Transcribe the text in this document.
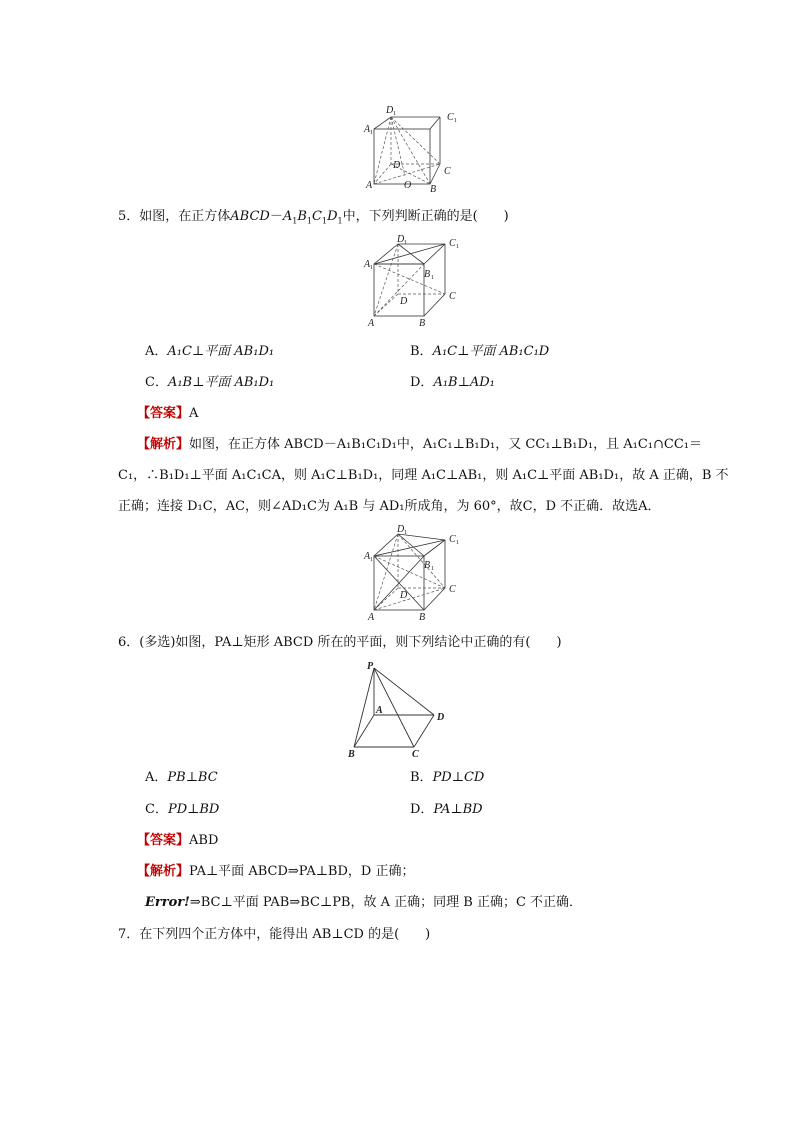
D 1
A 1
C 1
D
C
A	O B
5．如图，在正方体$ABCD-A_1B_1C_1D_1$中，下列判断正确的是(　　)
D 1	C 1
A 1
B 1
D	C
A	B
A．A₁C⊥平面 AB₁D₁	B．A₁C⊥平面 AB₁C₁D
C．A₁B⊥平面 AB₁D₁	D．A₁B⊥AD₁
【答案】A
【解析】如图，在正方体 ABCD－A₁B₁C₁D₁中，A₁C₁⊥B₁D₁，又 CC₁⊥B₁D₁，且 A₁C₁∩CC₁＝
C₁，∴B₁D₁⊥平面 A₁C₁CA，则 A₁C⊥B₁D₁，同理 A₁C⊥AB₁，则 A₁C⊥平面 AB₁D₁，故 A 正确，B 不
正确；连接 D₁C，AC，则∠AD₁C为 A₁B 与 AD₁所成角，为 60°，故C，D 不正确．故选A．
D 1
C 1
A 1	B 1
D
C
A	B
6．(多选)如图，PA⊥矩形 ABCD 所在的平面，则下列结论中正确的有(　　)
P
A
D
B	C
A．PB⊥BC	B．PD⊥CD
C．PD⊥BD	D．PA⊥BD
【答案】ABD
【解析】PA⊥平面 ABCD⇒PA⊥BD，D 正确；
Error!⇒BC⊥平面 PAB⇒BC⊥PB，故 A 正确；同理 B 正确；C 不正确．
7．在下列四个正方体中，能得出 AB⊥CD 的是(　　)
